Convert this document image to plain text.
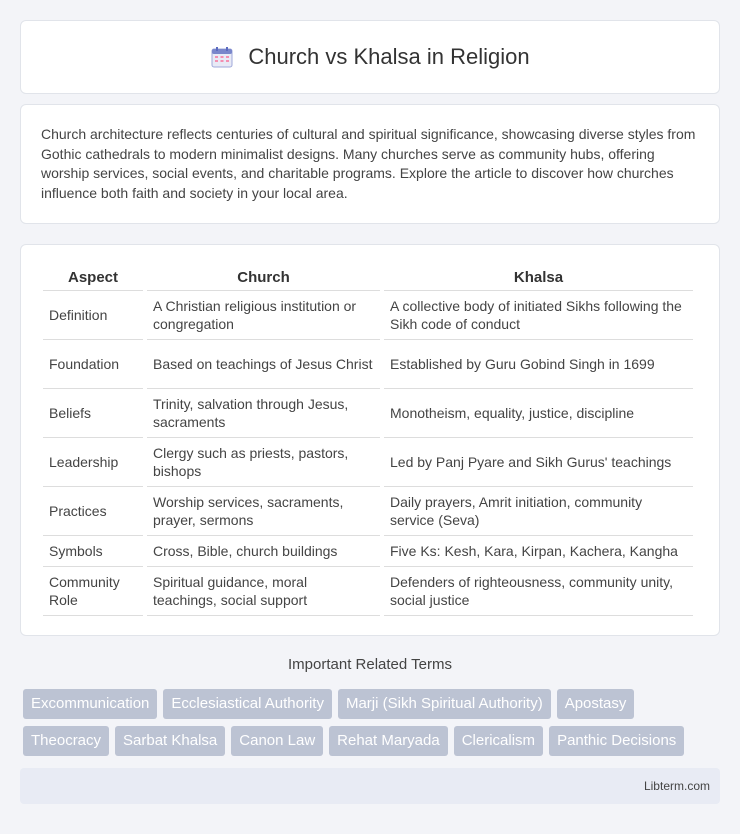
Church vs Khalsa in Religion

Church architecture reflects centuries of cultural and spiritual significance, showcasing diverse styles from Gothic cathedrals to modern minimalist designs. Many churches serve as community hubs, offering worship services, social events, and charitable programs. Explore the article to discover how churches influence both faith and society in your local area.

Aspect	Church	Khalsa
Definition	A Christian religious institution or congregation	A collective body of initiated Sikhs following the Sikh code of conduct
Foundation	Based on teachings of Jesus Christ	Established by Guru Gobind Singh in 1699
Beliefs	Trinity, salvation through Jesus, sacraments	Monotheism, equality, justice, discipline
Leadership	Clergy such as priests, pastors, bishops	Led by Panj Pyare and Sikh Gurus' teachings
Practices	Worship services, sacraments, prayer, sermons	Daily prayers, Amrit initiation, community service (Seva)
Symbols	Cross, Bible, church buildings	Five Ks: Kesh, Kara, Kirpan, Kachera, Kangha
Community Role	Spiritual guidance, moral teachings, social support	Defenders of righteousness, community unity, social justice
Important Related Terms
Excommunication Ecclesiastical Authority Marji (Sikh Spiritual Authority) Apostasy
Theocracy Sarbat Khalsa Canon Law Rehat Maryada Clericalism Panthic Decisions
Libterm.com
